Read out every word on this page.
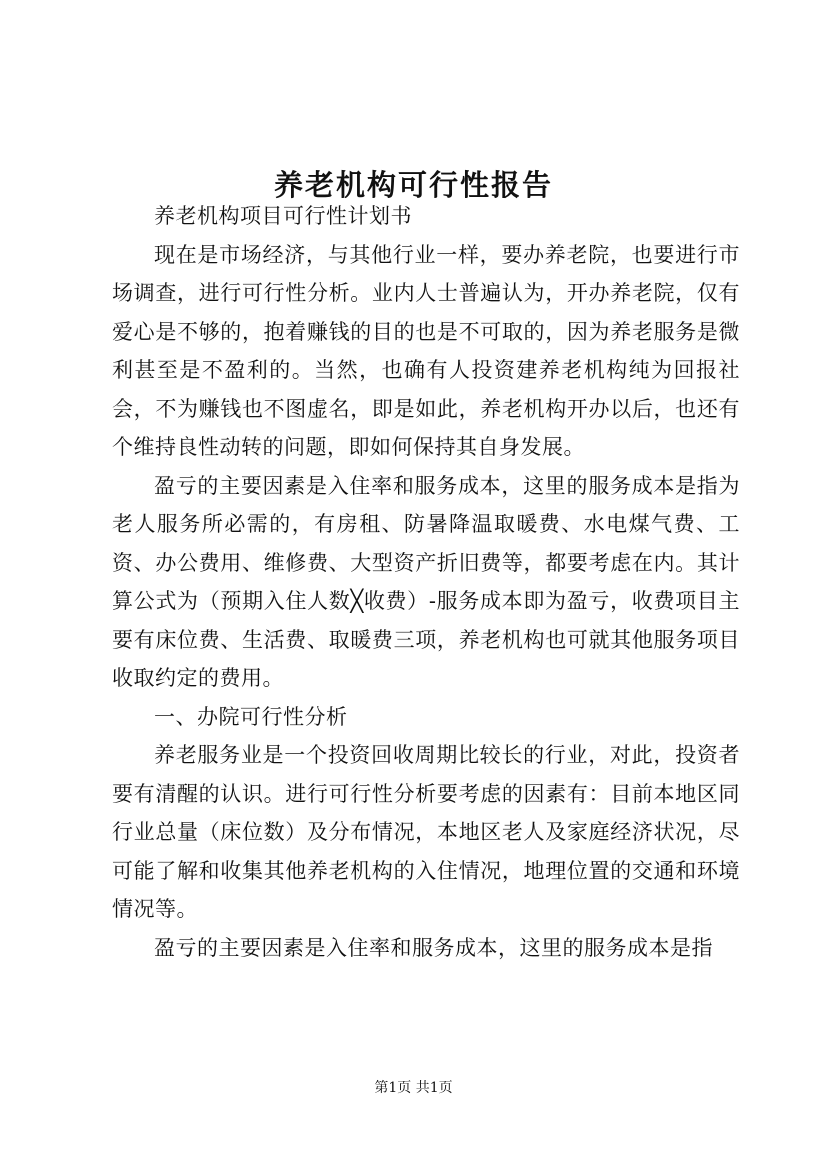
养老机构可行性报告

养老机构项目可行性计划书

现在是市场经济，与其他行业一样，要办养老院，也要进行市场调查，进行可行性分析。业内人士普遍认为，开办养老院，仅有爱心是不够的，抱着赚钱的目的也是不可取的，因为养老服务是微利甚至是不盈利的。当然，也确有人投资建养老机构纯为回报社会，不为赚钱也不图虚名，即是如此，养老机构开办以后，也还有个维持良性动转的问题，即如何保持其自身发展。

盈亏的主要因素是入住率和服务成本，这里的服务成本是指为老人服务所必需的，有房租、防暑降温取暖费、水电煤气费、工资、办公费用、维修费、大型资产折旧费等，都要考虑在内。其计算公式为（预期入住人数╳收费）-服务成本即为盈亏，收费项目主要有床位费、生活费、取暖费三项，养老机构也可就其他服务项目收取约定的费用。

一、办院可行性分析

养老服务业是一个投资回收周期比较长的行业，对此，投资者要有清醒的认识。进行可行性分析要考虑的因素有：目前本地区同行业总量（床位数）及分布情况，本地区老人及家庭经济状况，尽可能了解和收集其他养老机构的入住情况，地理位置的交通和环境情况等。

盈亏的主要因素是入住率和服务成本，这里的服务成本是指

第1页 共1页
